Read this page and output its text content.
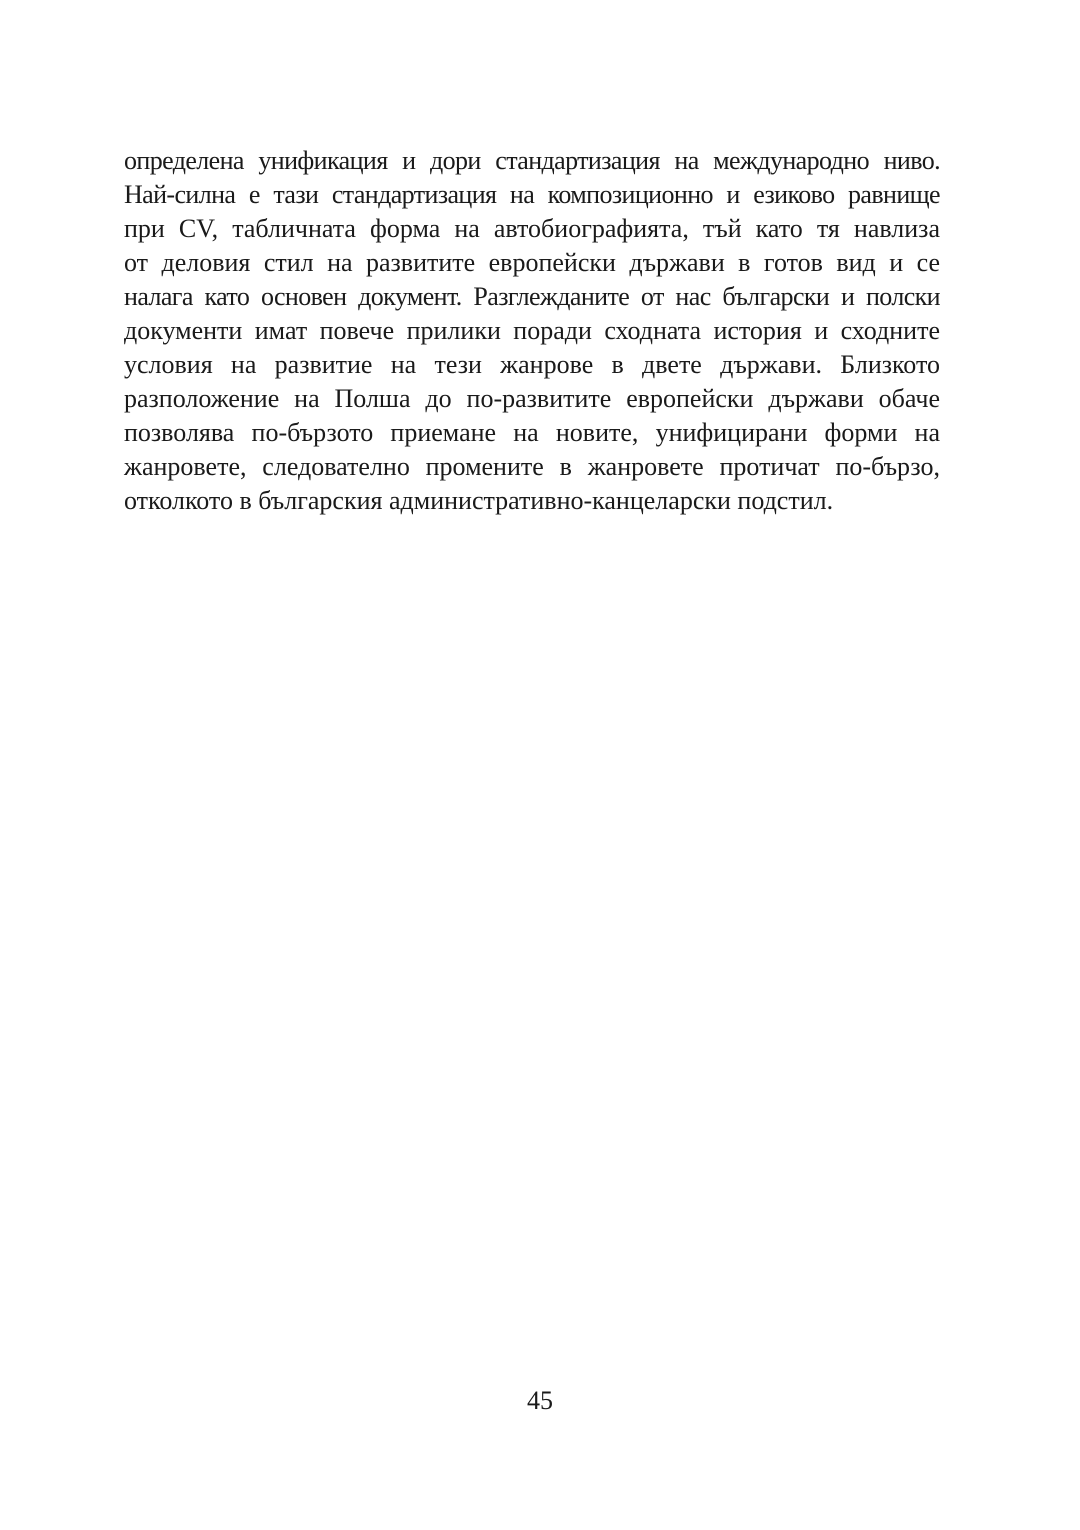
определена унификация и дори стандартизация на международно ниво.
Най-силна е тази стандартизация на композиционно и езиково равнище
при CV, табличната форма на автобиографията, тъй като тя навлиза
от деловия стил на развитите европейски държави в готов вид и се
налага като основен документ. Разглежданите от нас български и полски
документи имат повече прилики поради сходната история и сходните
условия на развитие на тези жанрове в двете държави. Близкото
разположение на Полша до по-развитите европейски държави обаче
позволява по-бързото приемане на новите, унифицирани форми на
жанровете, следователно промените в жанровете протичат по-бързо,
отколкото в българския административно-канцеларски подстил.

45
